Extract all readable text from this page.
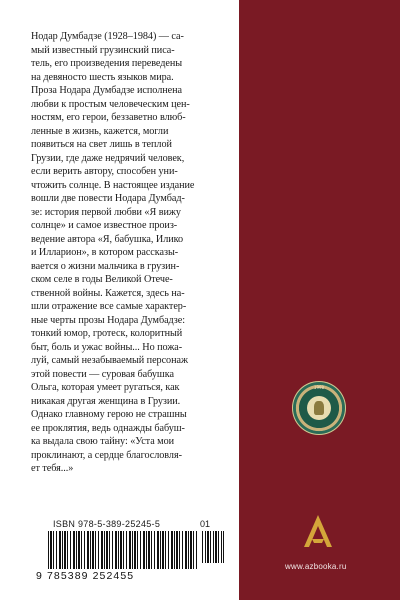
Нодар Думбадзе (1928–1984) — са-
мый известный грузинский писа-
тель, его произведения переведены
на девяносто шесть языков мира.
Проза Нодара Думбадзе исполнена
любви к простым человеческим цен-
ностям, его герои, беззаветно влюб-
ленные в жизнь, кажется, могли
появиться на свет лишь в теплой
Грузии, где даже недрячий человек,
если верить автору, способен уни-
чтожить солнце. В настоящее издание
вошли две повести Нодара Думбад-
зе: история первой любви «Я вижу
солнце» и самое известное произ-
ведение автора «Я, бабушка, Илико
и Илларион», в котором рассказы-
вается о жизни мальчика в грузин-
ском селе в годы Великой Отече-
ственной войны. Кажется, здесь на-
шли отражение все самые характер-
ные черты прозы Нодара Думбадзе:
тонкий юмор, гротеск, колоритный
быт, боль и ужас войны... Но пожа-
луй, самый незабываемый персонаж
этой повести — суровая бабушка
Ольга, которая умеет ругаться, как
никакая другая женщина в Грузии.
Однако главному герою не страшны
ее проклятия, ведь однажды бабуш-
ка выдала свою тайну: «Уста мои
проклинают, а сердце благословля-
ет тебя...»

1998
www.azbooka.ru
ISBN 978-5-389-25245-5	01
9 785389 252455
